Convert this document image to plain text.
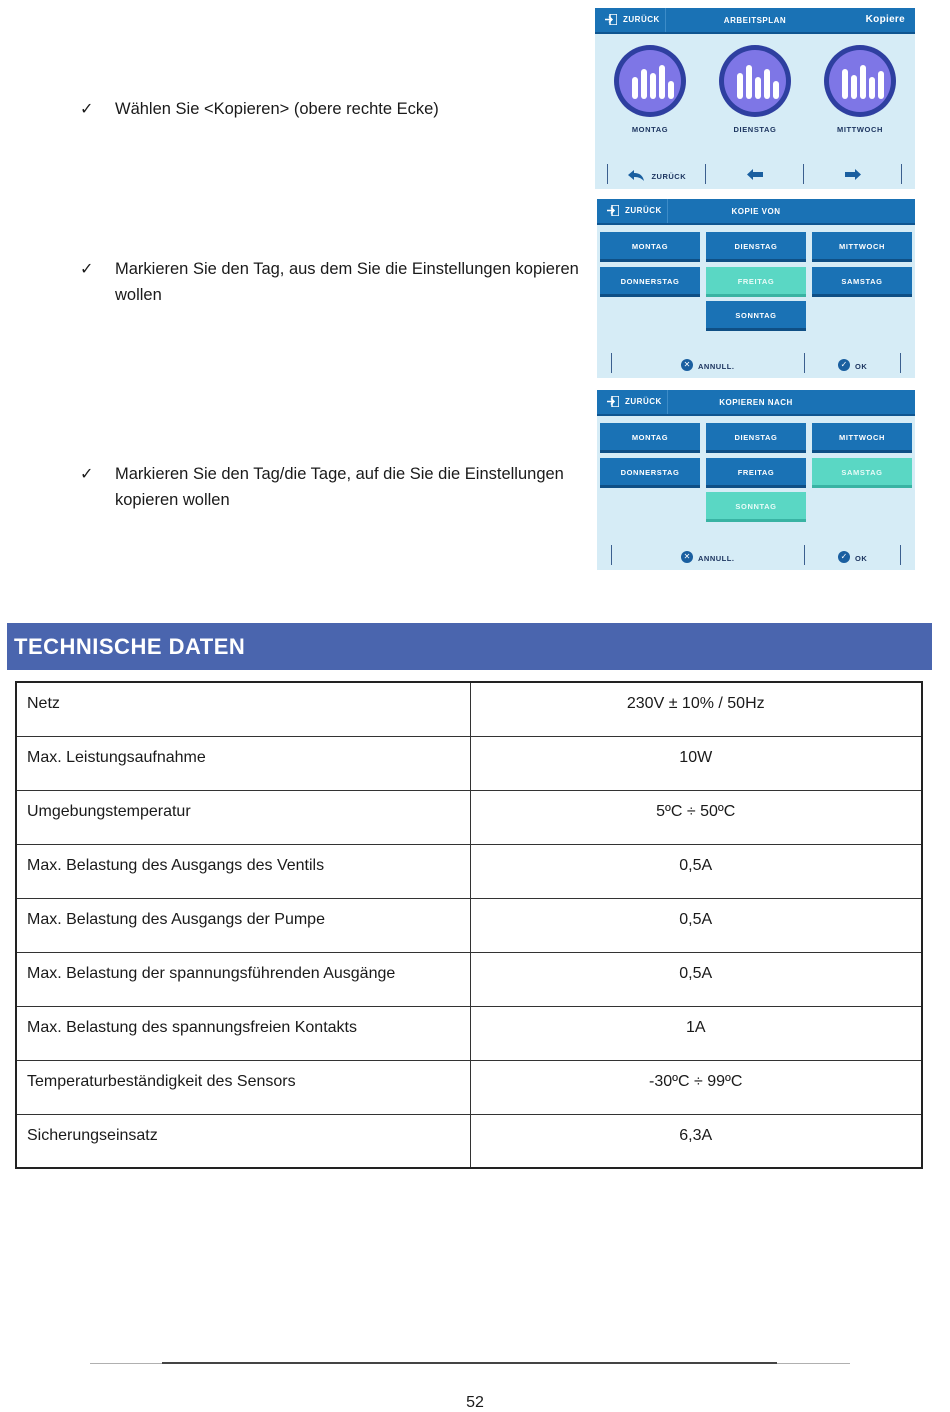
✓ Wählen Sie <Kopieren> (obere rechte Ecke)
✓ Markieren Sie den Tag, aus dem Sie die Einstellungen kopieren wollen
✓ Markieren Sie den Tag/die Tage, auf die Sie die Einstellungen kopieren wollen
ZURÜCK	ARBEITSPLAN	Kopiere
MONTAG	DIENSTAG	MITTWOCH
ZURÜCK
ZURÜCK	KOPIE VON
MONTAG	DIENSTAG	MITTWOCH
DONNERSTAG	FREITAG	SAMSTAG
SONNTAG
✕ ANNULL.	✓ OK
ZURÜCK	KOPIEREN NACH
MONTAG	DIENSTAG	MITTWOCH
DONNERSTAG	FREITAG	SAMSTAG
SONNTAG
✕ ANNULL.	✓ OK
TECHNISCHE DATEN
Netz	230V ± 10% / 50Hz
Max. Leistungsaufnahme	10W
Umgebungstemperatur	5ºC ÷ 50ºC
Max. Belastung des Ausgangs des Ventils	0,5A
Max. Belastung des Ausgangs der Pumpe	0,5A
Max. Belastung der spannungsführenden Ausgänge	0,5A
Max. Belastung des spannungsfreien Kontakts	1A
Temperaturbeständigkeit des Sensors	-30ºC ÷ 99ºC
Sicherungseinsatz	6,3A
52
